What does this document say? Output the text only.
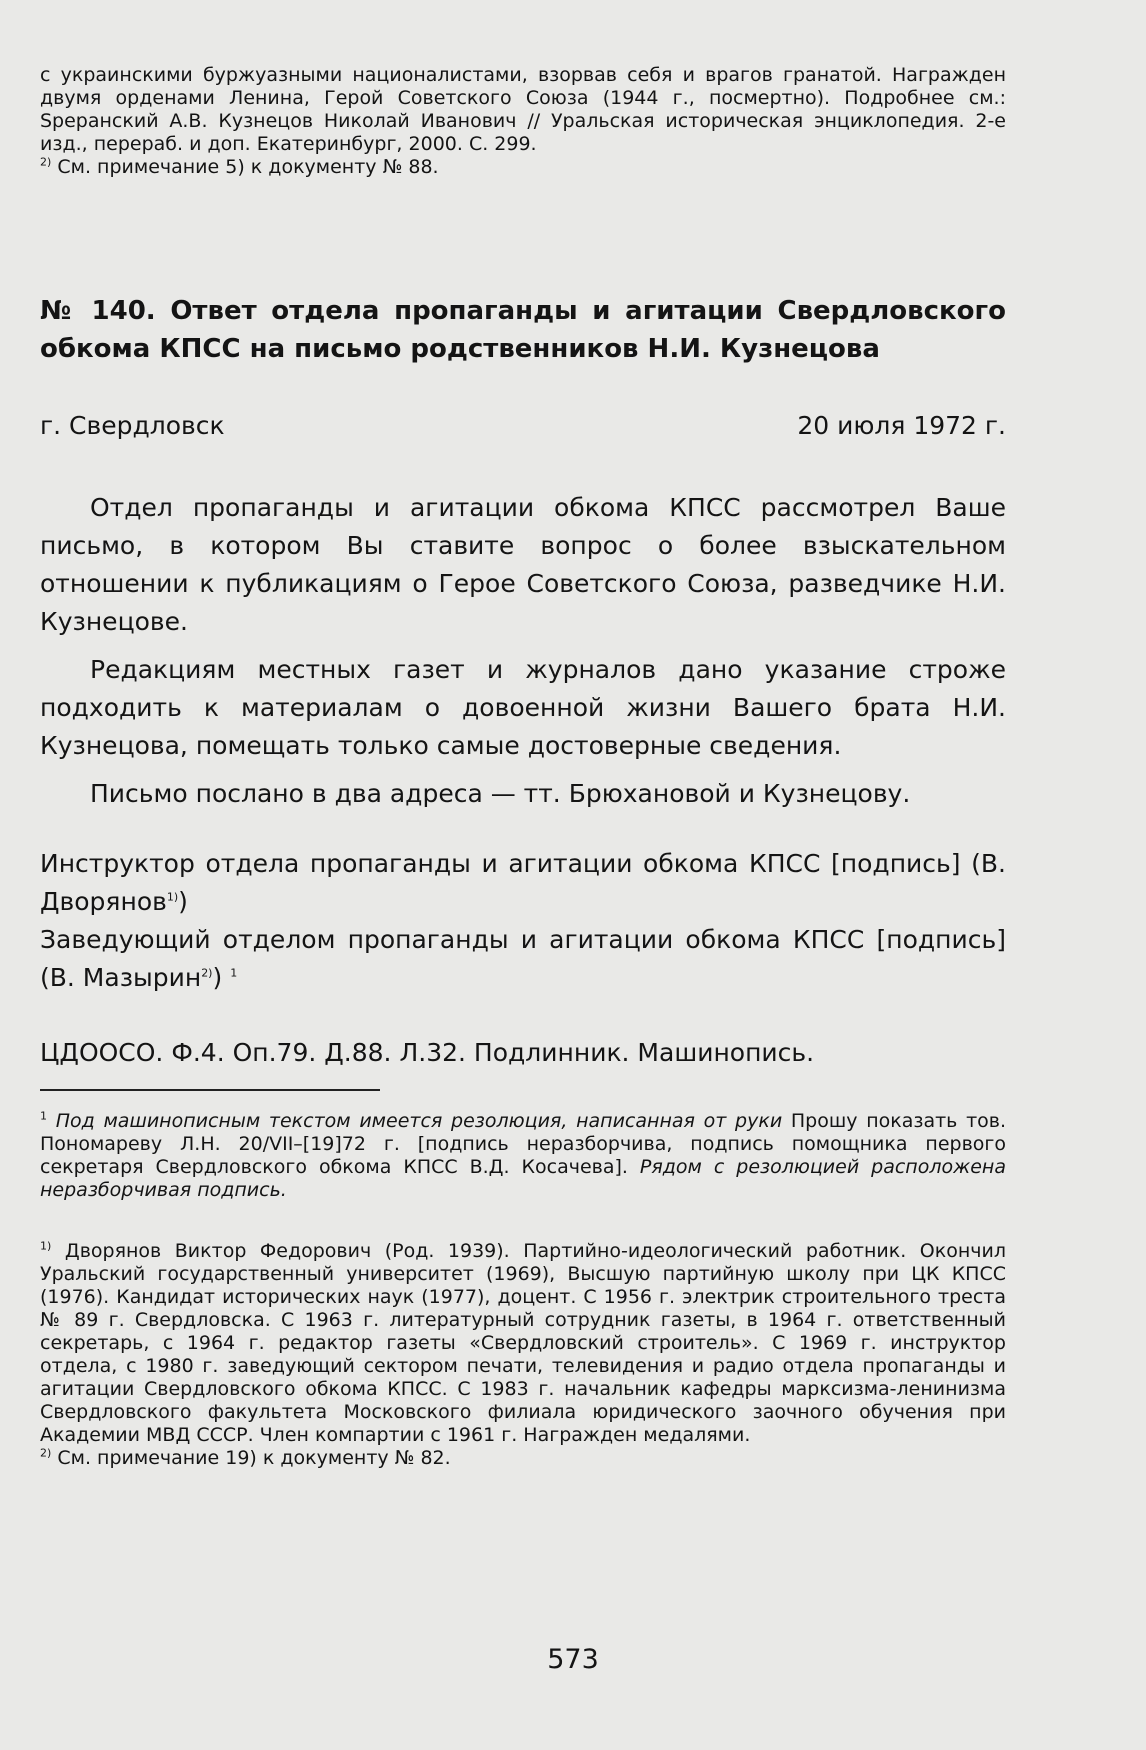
с украинскими буржуазными националистами, взорвав себя и врагов гранатой. Награжден двумя орденами Ленина, Герой Советского Союза (1944 г., посмертно). Подробнее см.: Speранский А.В. Кузнецов Николай Иванович // Уральская историческая энциклопедия. 2-е изд., перераб. и доп. Екатеринбург, 2000. С. 299.

$^{2)}$ См. примечание 5) к документу № 88.

№ 140. Ответ отдела пропаганды и агитации Свердловского обкома КПСС на письмо родственников Н.И. Кузнецова

г. Свердловск	20 июля 1972 г.

Отдел пропаганды и агитации обкома КПСС рассмотрел Ваше письмо, в котором Вы ставите вопрос о более взыскательном отношении к публикациям о Герое Советского Союза, разведчике Н.И. Кузнецове.

Редакциям местных газет и журналов дано указание строже подходить к материалам о довоенной жизни Вашего брата Н.И. Кузнецова, помещать только самые достоверные сведения.

Письмо послано в два адреса — тт. Брюхановой и Кузнецову.

Инструктор отдела пропаганды и агитации обкома КПСС [подпись] (В. Дворянов$^{1)}$)

Заведующий отделом пропаганды и агитации обкома КПСС [подпись] (В. Мазырин$^{2)}$) $^1$

ЦДООСО. Ф.4. Оп.79. Д.88. Л.32. Подлинник. Машинопись.

$^1$ Под машинописным текстом имеется резолюция, написанная от руки Прошу показать тов. Пономареву Л.Н. 20/VII–[19]72 г. [подпись неразборчива, подпись помощника первого секретаря Свердловского обкома КПСС В.Д. Косачева]. Рядом с резолюцией расположена неразборчивая подпись.

$^{1)}$ Дворянов Виктор Федорович (Род. 1939). Партийно-идеологический работник. Окончил Уральский государственный университет (1969), Высшую партийную школу при ЦК КПСС (1976). Кандидат исторических наук (1977), доцент. С 1956 г. электрик строительного треста № 89 г. Свердловска. С 1963 г. литературный сотрудник газеты, в 1964 г. ответственный секретарь, с 1964 г. редактор газеты «Свердловский строитель». С 1969 г. инструктор отдела, с 1980 г. заведующий сектором печати, телевидения и радио отдела пропаганды и агитации Свердловского обкома КПСС. С 1983 г. начальник кафедры марксизма-ленинизма Свердловского факультета Московского филиала юридического заочного обучения при Академии МВД СССР. Член компартии с 1961 г. Награжден медалями.

$^{2)}$ См. примечание 19) к документу № 82.

573
